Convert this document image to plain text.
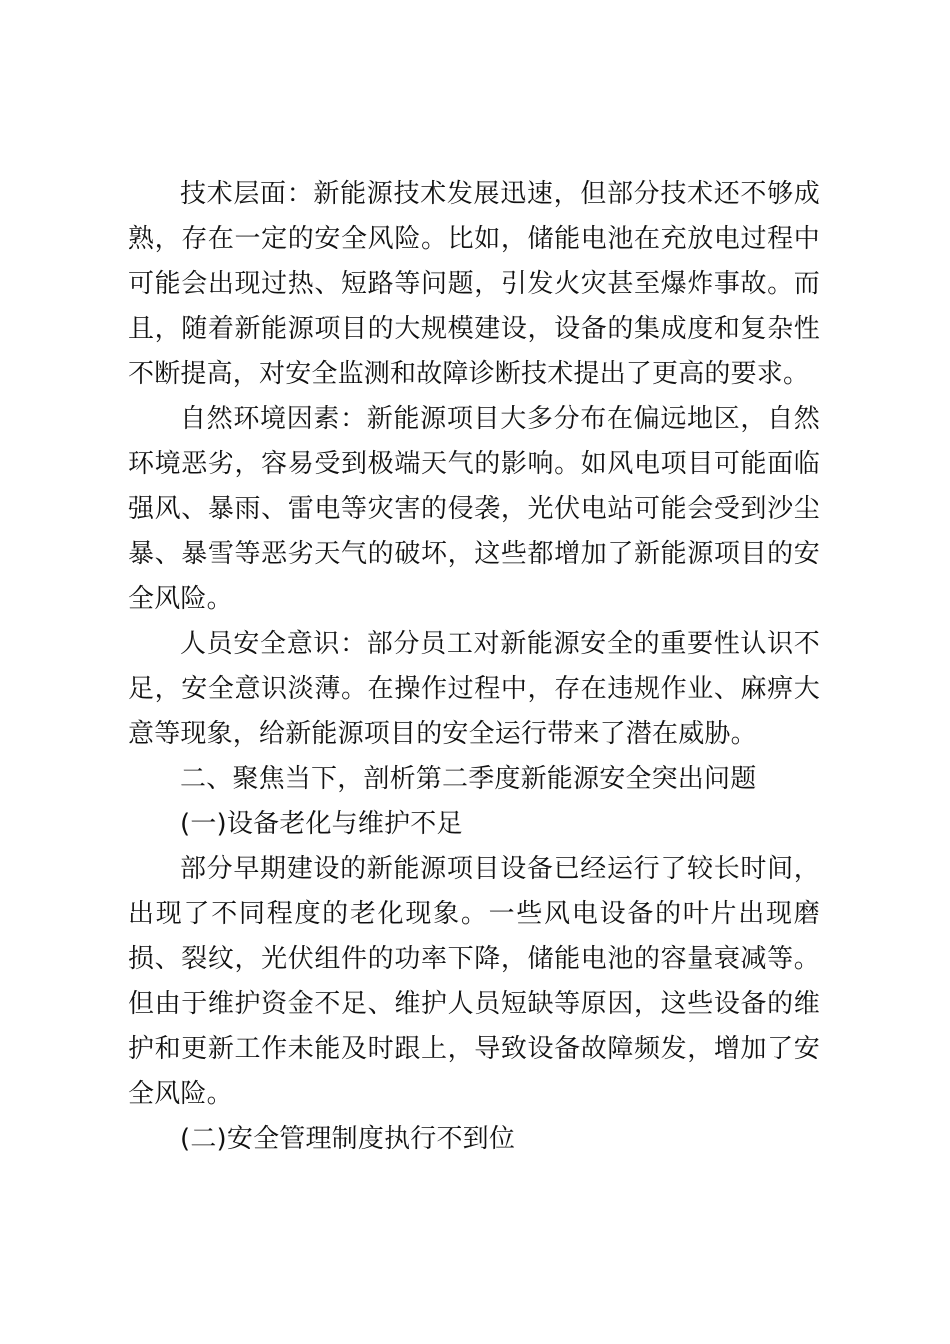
技术层面：新能源技术发展迅速，但部分技术还不够成熟，存在一定的安全风险。比如，储能电池在充放电过程中可能会出现过热、短路等问题，引发火灾甚至爆炸事故。而且，随着新能源项目的大规模建设，设备的集成度和复杂性不断提高，对安全监测和故障诊断技术提出了更高的要求。

自然环境因素：新能源项目大多分布在偏远地区，自然环境恶劣，容易受到极端天气的影响。如风电项目可能面临强风、暴雨、雷电等灾害的侵袭，光伏电站可能会受到沙尘暴、暴雪等恶劣天气的破坏，这些都增加了新能源项目的安全风险。

人员安全意识：部分员工对新能源安全的重要性认识不足，安全意识淡薄。在操作过程中，存在违规作业、麻痹大意等现象，给新能源项目的安全运行带来了潜在威胁。

二、聚焦当下，剖析第二季度新能源安全突出问题

(一)设备老化与维护不足

部分早期建设的新能源项目设备已经运行了较长时间，出现了不同程度的老化现象。一些风电设备的叶片出现磨损、裂纹，光伏组件的功率下降，储能电池的容量衰减等。但由于维护资金不足、维护人员短缺等原因，这些设备的维护和更新工作未能及时跟上，导致设备故障频发，增加了安全风险。

(二)安全管理制度执行不到位
